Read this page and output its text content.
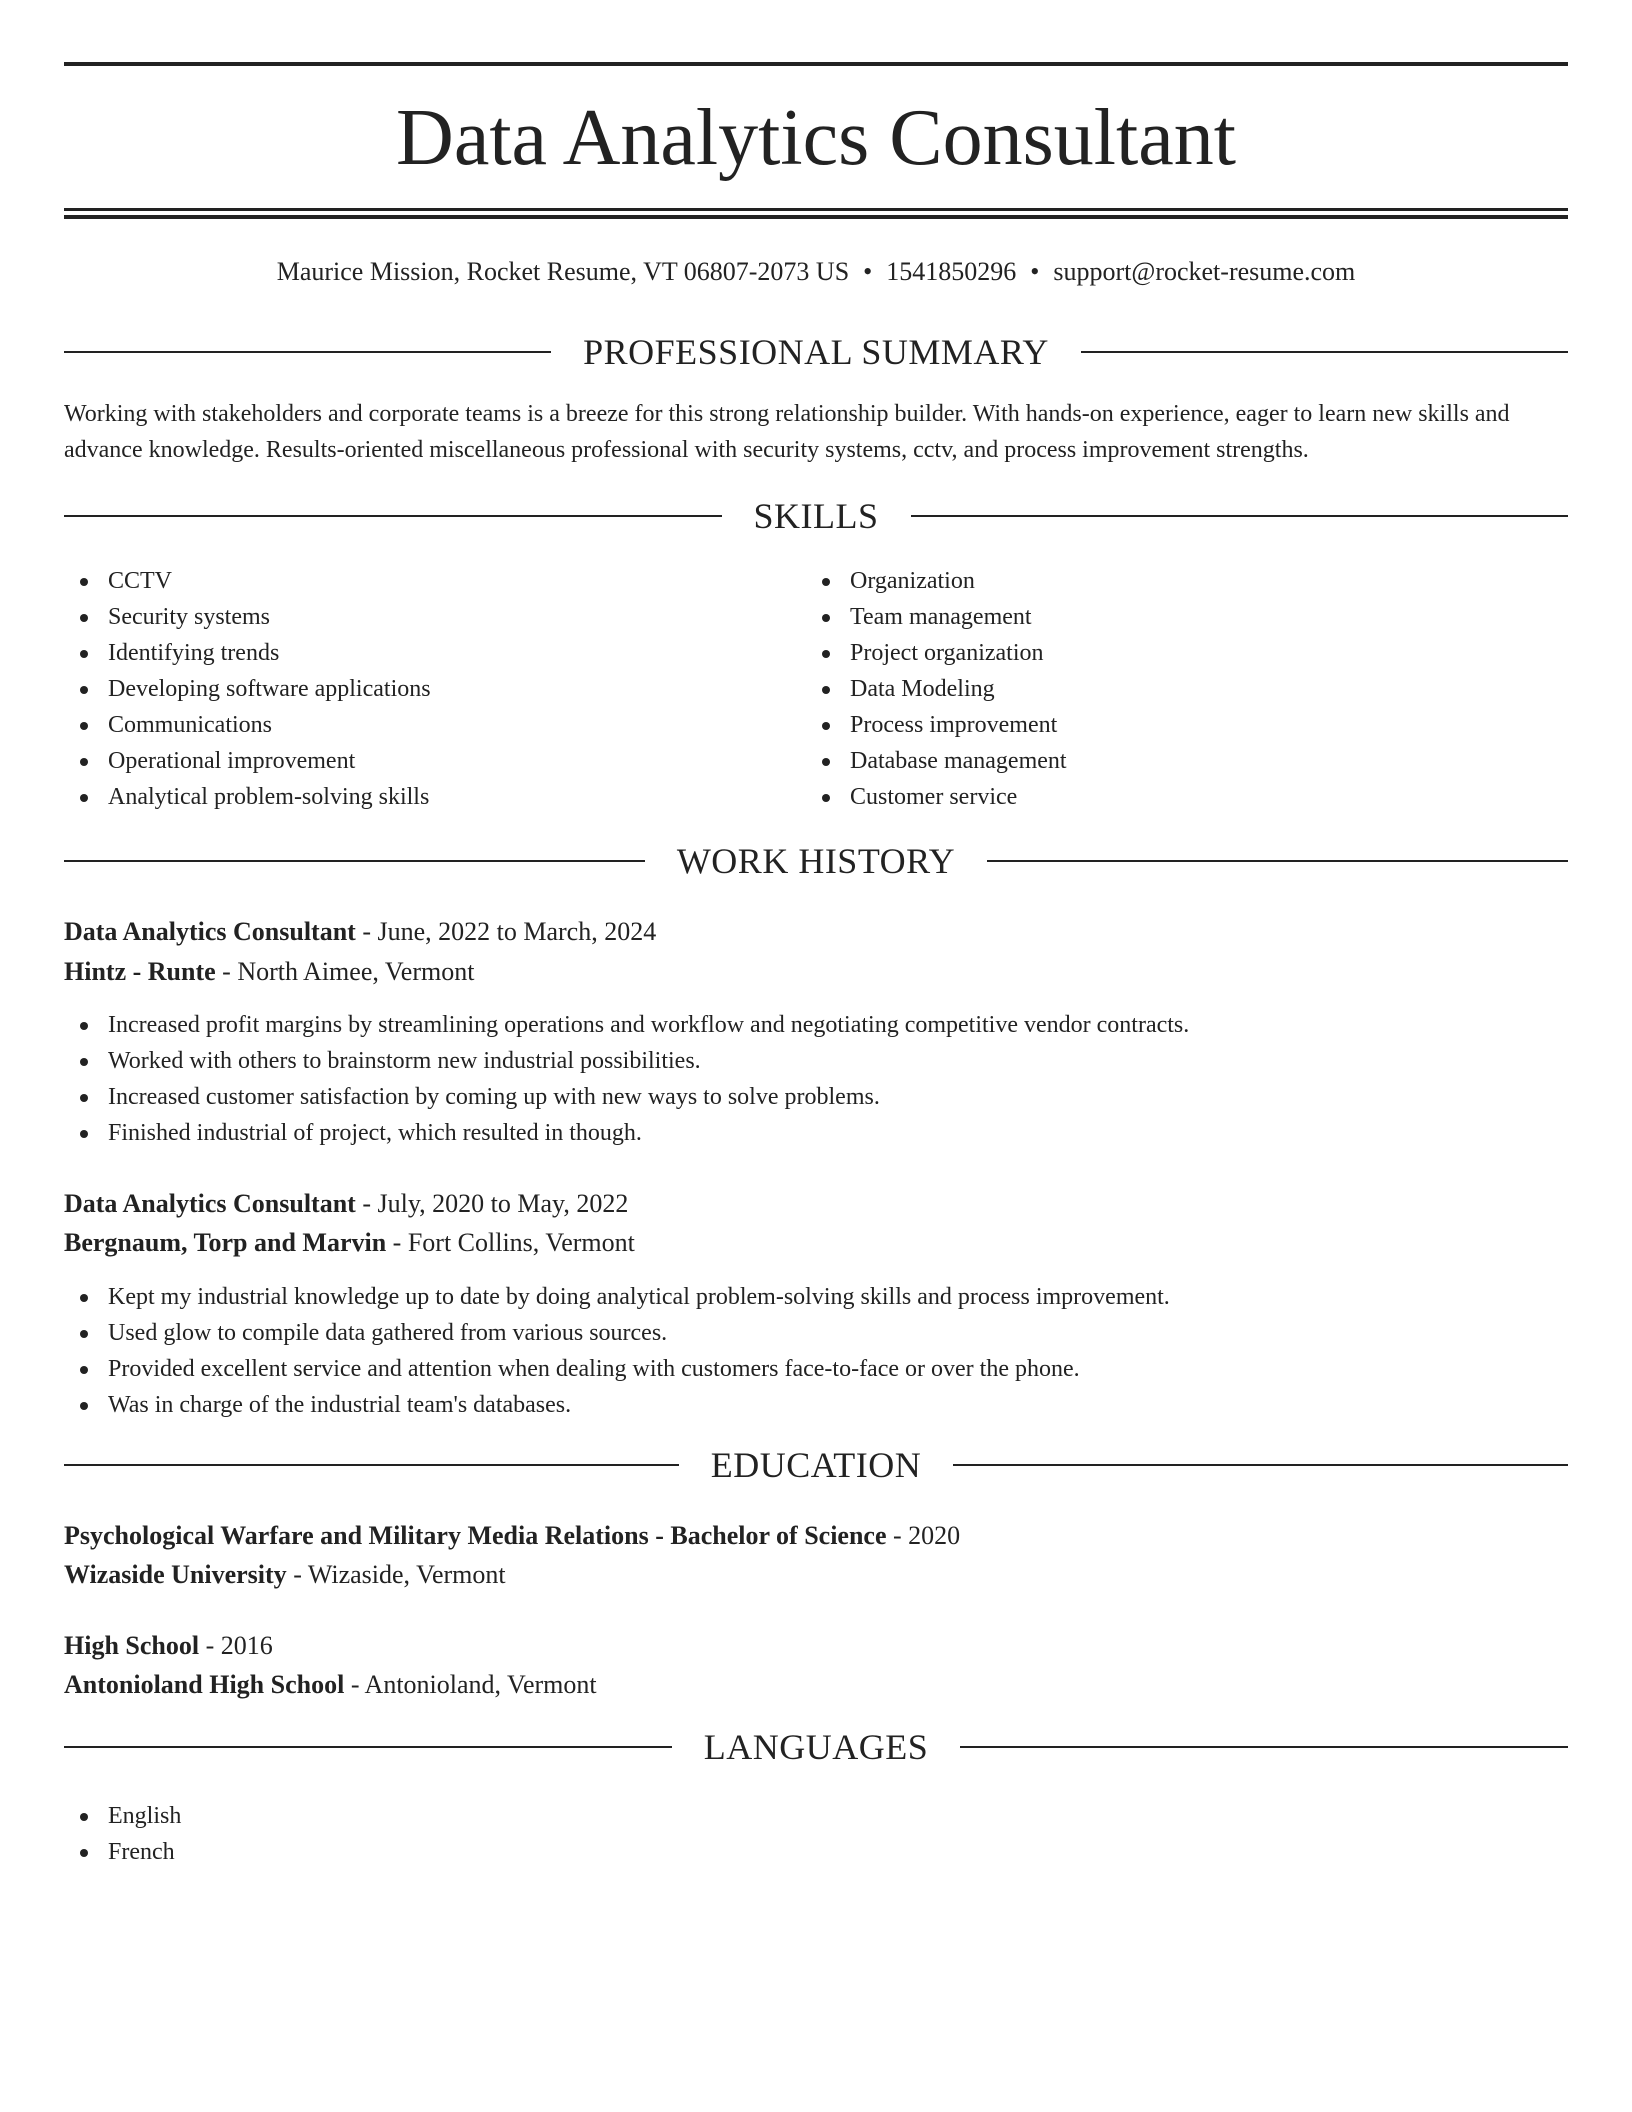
Data Analytics Consultant
Maurice Mission, Rocket Resume, VT 06807-2073 US • 1541850296 • support@rocket-resume.com
PROFESSIONAL SUMMARY
Working with stakeholders and corporate teams is a breeze for this strong relationship builder. With hands-on experience, eager to learn new skills and advance knowledge. Results-oriented miscellaneous professional with security systems, cctv, and process improvement strengths.
SKILLS
CCTV
Security systems
Identifying trends
Developing software applications
Communications
Operational improvement
Analytical problem-solving skills
Organization
Team management
Project organization
Data Modeling
Process improvement
Database management
Customer service
WORK HISTORY
Data Analytics Consultant - June, 2022 to March, 2024
Hintz - Runte - North Aimee, Vermont
Increased profit margins by streamlining operations and workflow and negotiating competitive vendor contracts.
Worked with others to brainstorm new industrial possibilities.
Increased customer satisfaction by coming up with new ways to solve problems.
Finished industrial of project, which resulted in though.
Data Analytics Consultant - July, 2020 to May, 2022
Bergnaum, Torp and Marvin - Fort Collins, Vermont
Kept my industrial knowledge up to date by doing analytical problem-solving skills and process improvement.
Used glow to compile data gathered from various sources.
Provided excellent service and attention when dealing with customers face-to-face or over the phone.
Was in charge of the industrial team's databases.
EDUCATION
Psychological Warfare and Military Media Relations - Bachelor of Science - 2020
Wizaside University - Wizaside, Vermont
High School - 2016
Antonioland High School - Antonioland, Vermont
LANGUAGES
English
French
